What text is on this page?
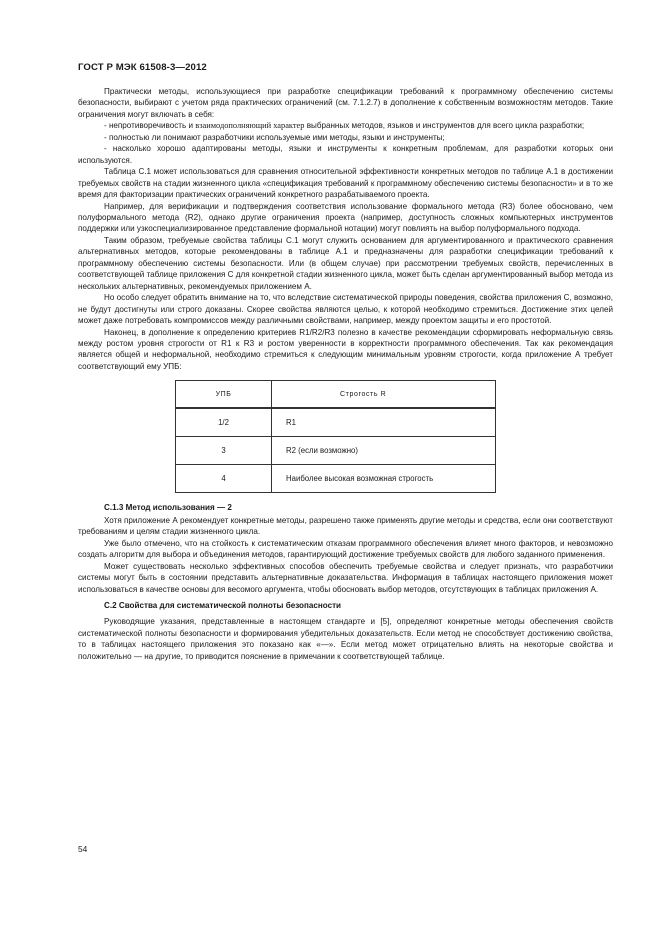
ГОСТ Р МЭК 61508-3—2012

Практически методы, использующиеся при разработке спецификации требований к программному обеспечению системы безопасности, выбирают с учетом ряда практических ограничений (см. 7.1.2.7) в дополнение к собственным возможностям методов. Такие ограничения могут включать в себя:

- непротиворечивость и взаимодополняющий характер выбранных методов, языков и инструментов для всего цикла разработки;

- полностью ли понимают разработчики используемые ими методы, языки и инструменты;

- насколько хорошо адаптированы методы, языки и инструменты к конкретным проблемам, для разработки которых они используются.

Таблица С.1 может использоваться для сравнения относительной эффективности конкретных методов по таблице А.1 в достижении требуемых свойств на стадии жизненного цикла «спецификация требований к программному обеспечению системы безопасности» и в то же время для факторизации практических ограничений конкретного разрабатываемого проекта.

Например, для верификации и подтверждения соответствия использование формального метода (R3) более обосновано, чем полуформального метода (R2), однако другие ограничения проекта (например, доступность сложных компьютерных инструментов поддержки или узкоспециализированное представление формальной нотации) могут повлиять на выбор полуформального подхода.

Таким образом, требуемые свойства таблицы С.1 могут служить основанием для аргументированного и практического сравнения альтернативных методов, которые рекомендованы в таблице А.1 и предназначены для разработки спецификации требований к программному обеспечению системы безопасности. Или (в общем случае) при рассмотрении требуемых свойств, перечисленных в соответствующей таблице приложения С для конкретной стадии жизненного цикла, может быть сделан аргументированный выбор метода из нескольких альтернативных, рекомендуемых приложением А.

Но особо следует обратить внимание на то, что вследствие систематической природы поведения, свойства приложения С, возможно, не будут достигнуты или строго доказаны. Скорее свойства являются целью, к которой необходимо стремиться. Достижение этих целей может даже потребовать компромиссов между различными свойствами, например, между проектом защиты и его простотой.

Наконец, в дополнение к определению критериев R1/R2/R3 полезно в качестве рекомендации сформировать неформальную связь между ростом уровня строгости от R1 к R3 и ростом уверенности в корректности программного обеспечения. Так как рекомендация является общей и неформальной, необходимо стремиться к следующим минимальным уровням строгости, когда приложение А требует соответствующий ему УПБ:

УПБ	Строгость R
1/2	R1
3	R2 (если возможно)
4	Наиболее высокая возможная строгость
С.1.3 Метод использования — 2

Хотя приложение А рекомендует конкретные методы, разрешено также применять другие методы и средства, если они соответствуют требованиям и целям стадии жизненного цикла.

Уже было отмечено, что на стойкость к систематическим отказам программного обеспечения влияет много факторов, и невозможно создать алгоритм для выбора и объединения методов, гарантирующий достижение требуемых свойств для любого заданного применения.

Может существовать несколько эффективных способов обеспечить требуемые свойства и следует признать, что разработчики системы могут быть в состоянии представить альтернативные доказательства. Информация в таблицах настоящего приложения может использоваться в качестве основы для весомого аргумента, чтобы обосновать выбор методов, отсутствующих в таблицах приложения А.

С.2 Свойства для систематической полноты безопасности

Руководящие указания, представленные в настоящем стандарте и [5], определяют конкретные методы обеспечения свойств систематической полноты безопасности и формирования убедительных доказательств. Если метод не способствует достижению свойства, то в таблицах настоящего приложения это показано как «—». Если метод может отрицательно влиять на некоторые свойства и положительно — на другие, то приводится пояснение в примечании к соответствующей таблице.

54
